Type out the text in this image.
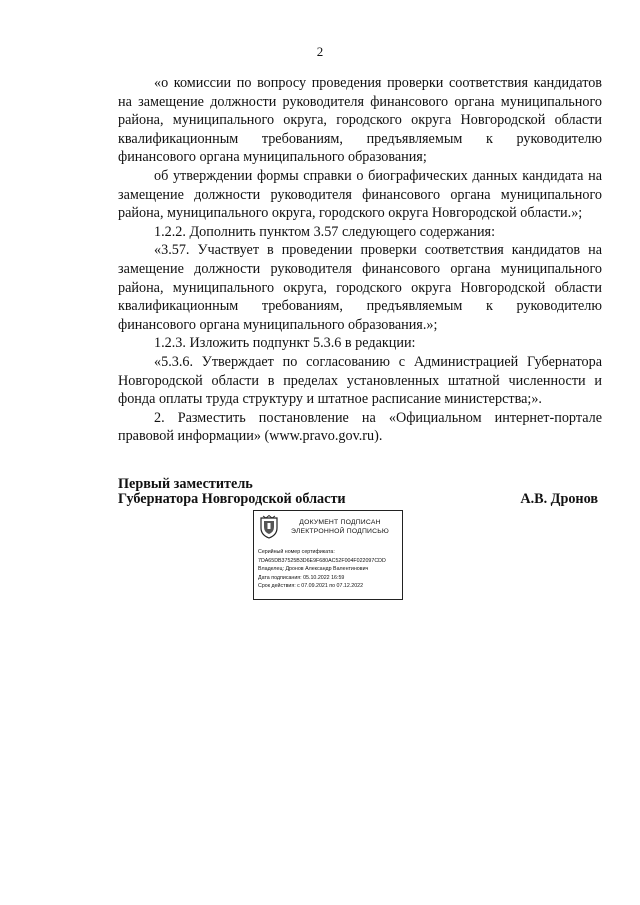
2

«о комиссии по вопросу проведения проверки соответствия кандидатов на замещение должности руководителя финансового органа муниципального района, муниципального округа, городского округа Новгородской области квалификационным требованиям, предъявляемым к руководителю финансового органа муниципального образования;

об утверждении формы справки о биографических данных кандидата на замещение должности руководителя финансового органа муниципального района, муниципального округа, городского округа Новгородской области.»;

1.2.2. Дополнить пунктом 3.57 следующего содержания:

«3.57. Участвует в проведении проверки соответствия кандидатов на замещение должности руководителя финансового органа муниципального района, муниципального округа, городского округа Новгородской области квалификационным требованиям, предъявляемым к руководителю финансового органа муниципального образования.»;

1.2.3. Изложить подпункт 5.3.6 в редакции:

«5.3.6. Утверждает по согласованию с Администрацией Губернатора Новгородской области в пределах установленных штатной численности и фонда оплаты труда структуру и штатное расписание министерства;».

2. Разместить постановление на «Официальном интернет-портале правовой информации» (www.pravo.gov.ru).

Первый заместитель
Губернатора Новгородской области	А.В. Дронов
ДОКУМЕНТ ПОДПИСАН
ЭЛЕКТРОННОЙ ПОДПИСЬЮ
Серийный номер сертификата:
7DA65DB37525B3D6E9F680AC52F004F022097CDD
Владелец: Дронов Александр Валентинович
Дата подписания: 05.10.2022 16:59
Срок действия: с 07.09.2021 по 07.12.2022
